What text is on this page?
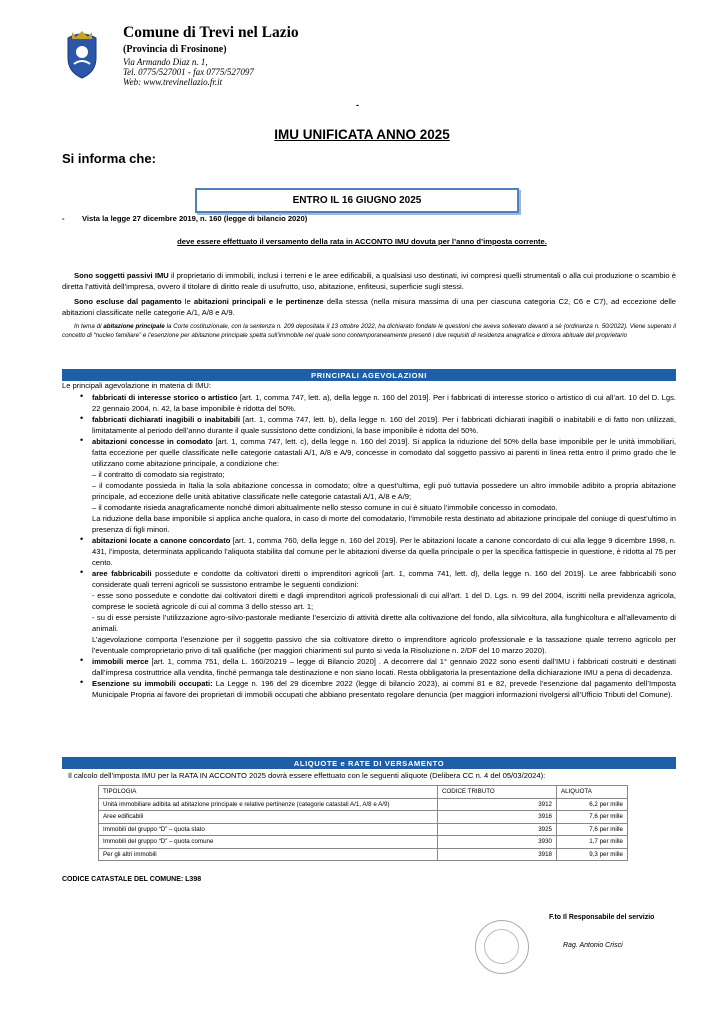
Comune di Trevi nel Lazio
(Provincia di Frosinone)
Via Armando Diaz n. 1,
Tel. 0775/527001 - fax 0775/527097
Web: www.trevinellazio.fr.it
-
IMU UNIFICATA ANNO 2025
Si informa che:
ENTRO IL 16 GIUGNO 2025
- Vista la legge 27 dicembre 2019, n. 160 (legge di bilancio 2020)
deve essere effettuato il versamento della rata in ACCONTO IMU dovuta per l’anno d’imposta corrente.
Sono soggetti passivi IMU il proprietario di immobili, inclusi i terreni e le aree edificabili, a qualsiasi uso destinati, ivi compresi quelli strumentali o alla cui produzione o scambio è diretta l’attività dell’impresa, ovvero il titolare di diritto reale di usufrutto, uso, abitazione, enfiteusi, superficie sugli stessi.
Sono escluse dal pagamento le abitazioni principali e le pertinenze della stessa (nella misura massima di una per ciascuna categoria C2, C6 e C7), ad eccezione delle abitazioni classificate nelle categorie A/1, A/8 e A/9.
In tema di abitazione principale la Corte costituzionale, con la sentenza n. 209 depositata il 13 ottobre 2022, ha dichiarato fondate le questioni che aveva sollevato davanti a sé (ordinanza n. 50/2022). Viene superato il concetto di “nucleo familiare” e l’esenzione per abitazione principale spetta sull’immobile nel quale sono contemporaneamente presenti i due requisiti di residenza anagrafica e dimora abituale del proprietario
PRINCIPALI AGEVOLAZIONI
Le principali agevolazione in materia di IMU:

• fabbricati di interesse storico o artistico [art. 1, comma 747, lett. a), della legge n. 160 del 2019]. Per i fabbricati di interesse storico o artistico di cui all’art. 10 del D. Lgs. 22 gennaio 2004, n. 42, la base imponibile è ridotta del 50%.

• fabbricati dichiarati inagibili o inabitabili [art. 1, comma 747, lett. b), della legge n. 160 del 2019]. Per i fabbricati dichiarati inagibili o inabitabili e di fatto non utilizzati, limitatamente al periodo dell’anno durante il quale sussistono dette condizioni, la base imponibile è ridotta del 50%.

• abitazioni concesse in comodato [art. 1, comma 747, lett. c), della legge n. 160 del 2019]. Si applica la riduzione del 50% della base imponibile per le unità immobiliari, fatta eccezione per quelle classificate nelle categorie catastali A/1, A/8 e A/9, concesse in comodato dal soggetto passivo ai parenti in linea retta entro il primo grado che le utilizzano come abitazione principale, a condizione che:

– il contratto di comodato sia registrato;

– il comodante possieda in Italia la sola abitazione concessa in comodato; oltre a quest’ultima, egli può tuttavia possedere un altro immobile adibito a propria abitazione principale, ad eccezione delle unità abitative classificate nelle categorie catastali A/1, A/8 e A/9;

– il comodante risieda anagraficamente nonché dimori abitualmente nello stesso comune in cui è situato l’immobile concesso in comodato.

La riduzione della base imponibile si applica anche qualora, in caso di morte del comodatario, l’immobile resta destinato ad abitazione principale del coniuge di quest’ultimo in presenza di figli minori.

• abitazioni locate a canone concordato [art. 1, comma 760, della legge n. 160 del 2019]. Per le abitazioni locate a canone concordato di cui alla legge 9 dicembre 1998, n. 431, l’imposta, determinata applicando l’aliquota stabilita dal comune per le abitazioni diverse da quella principale o per la specifica fattispecie in questione, è ridotta al 75 per cento.

• aree fabbricabili possedute e condotte da coltivatori diretti o imprenditori agricoli [art. 1, comma 741, lett. d), della legge n. 160 del 2019]. Le aree fabbricabili sono considerate quali terreni agricoli se sussistono entrambe le seguenti condizioni:

- esse sono possedute e condotte dai coltivatori diretti e dagli imprenditori agricoli professionali di cui all’art. 1 del D. Lgs. n. 99 del 2004, iscritti nella previdenza agricola, comprese le società agricole di cui al comma 3 dello stesso art. 1;

- su di esse persiste l’utilizzazione agro-silvo-pastorale mediante l’esercizio di attività dirette alla coltivazione del fondo, alla silvicoltura, alla funghicoltura e all’allevamento di animali.

L’agevolazione comporta l’esenzione per il soggetto passivo che sia coltivatore diretto o imprenditore agricolo professionale e la tassazione quale terreno agricolo per l’eventuale comproprietario privo di tali qualifiche (per maggiori chiarimenti sul punto si veda la Risoluzione n. 2/DF del 10 marzo 2020).

• immobili merce [art. 1, comma 751, della L. 160/20219 – legge di Bilancio 2020] . A decorrere dal 1° gennaio 2022 sono esenti dall’IMU i fabbricati costruiti e destinati dall’impresa costruttrice alla vendita, finché permanga tale destinazione e non siano locati. Resta obbligatoria la presentazione della dichiarazione IMU a pena di decadenza.

• Esenzione su immobili occupati: La Legge n. 196 del 29 dicembre 2022 (legge di bilancio 2023), ai commi 81 e 82, prevede l’esenzione dal pagamento dell’Imposta Municipale Propria ai favore dei proprietari di immobili occupati che abbiano presentato regolare denuncia (per maggiori informazioni rivolgersi all’Ufficio Tributi del Comune).

ALIQUOTE e RATE DI VERSAMENTO
Il calcolo dell’imposta IMU per la RATA IN ACCONTO 2025 dovrà essere effettuato con le seguenti aliquote (Delibera CC n. 4 del 05/03/2024):
TIPOLOGIA	CODICE TRIBUTO	ALIQUOTA
Unità immobiliare adibita ad abitazione principale e relative pertinenze (categorie catastali A/1, A/8 e A/9)	3912	6,2 per mille
Aree edificabili	3916	7,6 per mille
Immobili del gruppo “D” – quota stato	3925	7,6 per mille
Immobili del gruppo “D” – quota comune	3930	1,7 per mille
Per gli altri immobili	3918	9,3 per mille
CODICE CATASTALE DEL COMUNE: L398
F.to Il Responsabile del servizio
Rag. Antonio Crisci
